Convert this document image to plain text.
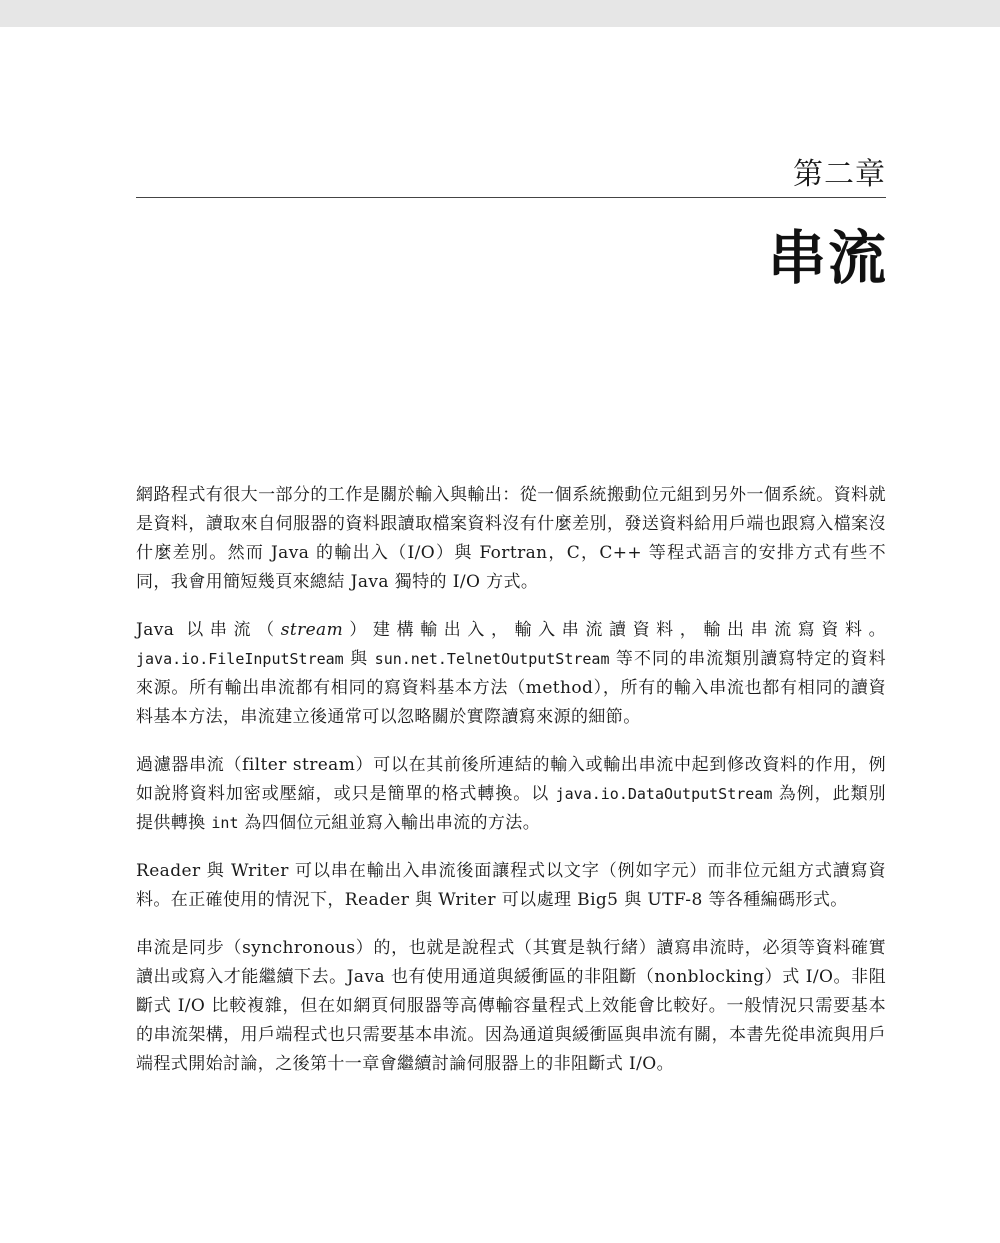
第二章
串流

網路程式有很大一部分的工作是關於輸入與輸出：從一個系統搬動位元組到另外一個系統。資料就是資料，讀取來自伺服器的資料跟讀取檔案資料沒有什麼差別，發送資料給用戶端也跟寫入檔案沒什麼差別。然而 Java 的輸出入（I/O）與 Fortran，C，C++ 等程式語言的安排方式有些不同，我會用簡短幾頁來總結 Java 獨特的 I/O 方式。

Java 以串流（stream）建構輸出入，輸入串流讀資料，輸出串流寫資料。java.io.FileInputStream 與 sun.net.TelnetOutputStream 等不同的串流類別讀寫特定的資料來源。所有輸出串流都有相同的寫資料基本方法（method），所有的輸入串流也都有相同的讀資料基本方法，串流建立後通常可以忽略關於實際讀寫來源的細節。

過濾器串流（filter stream）可以在其前後所連結的輸入或輸出串流中起到修改資料的作用，例如說將資料加密或壓縮，或只是簡單的格式轉換。以 java.io.DataOutputStream 為例，此類別提供轉換 int 為四個位元組並寫入輸出串流的方法。

Reader 與 Writer 可以串在輸出入串流後面讓程式以文字（例如字元）而非位元組方式讀寫資料。在正確使用的情況下，Reader 與 Writer 可以處理 Big5 與 UTF-8 等各種編碼形式。

串流是同步（synchronous）的，也就是說程式（其實是執行緒）讀寫串流時，必須等資料確實讀出或寫入才能繼續下去。Java 也有使用通道與緩衝區的非阻斷（nonblocking）式 I/O。非阻斷式 I/O 比較複雜，但在如網頁伺服器等高傳輸容量程式上效能會比較好。一般情況只需要基本的串流架構，用戶端程式也只需要基本串流。因為通道與緩衝區與串流有關，本書先從串流與用戶端程式開始討論，之後第十一章會繼續討論伺服器上的非阻斷式 I/O。
